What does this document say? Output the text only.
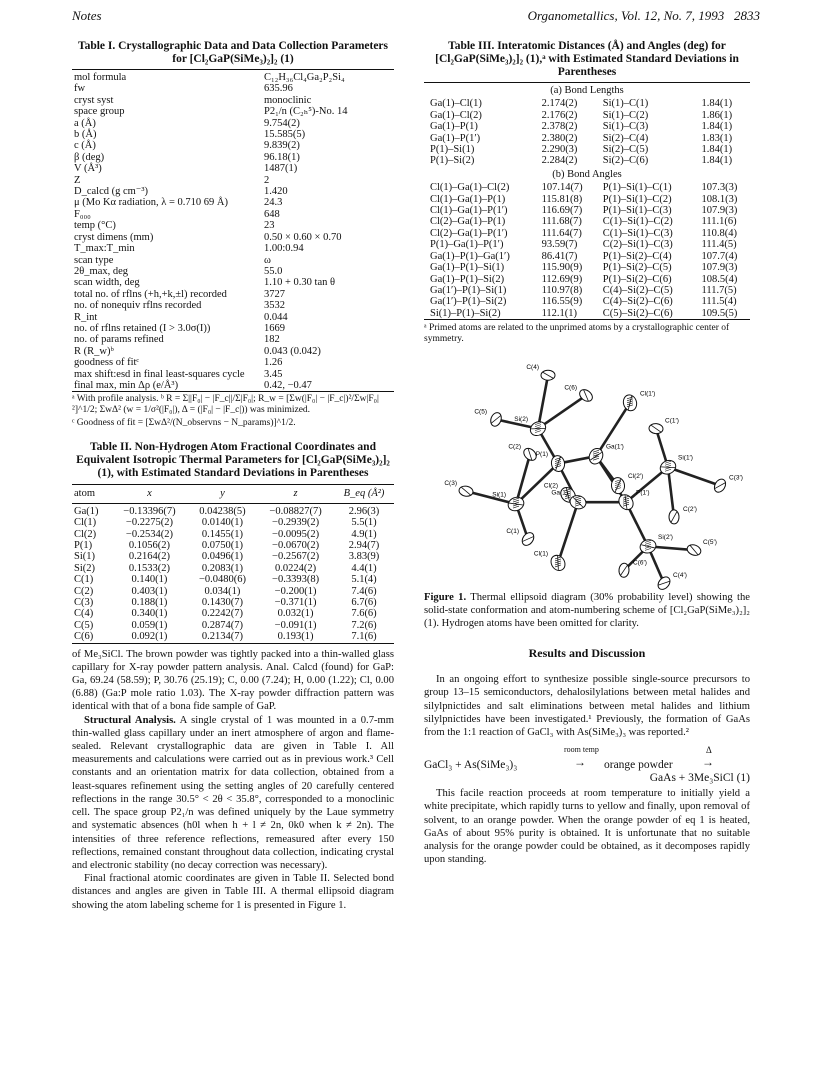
Notes	Organometallics, Vol. 12, No. 7, 1993 2833
Table I. Crystallographic Data and Data Collection Parameters for [Cl₂GaP(SiMe₃)₂]₂ (1)
mol formula	C₁₂H₃₆Cl₄Ga₂P₂Si₄
fw	635.96
cryst syst	monoclinic
space group	P2₁/n (C₂ₕ⁵)-No. 14
a (Å)	9.754(2)
b (Å)	15.585(5)
c (Å)	9.839(2)
β (deg)	96.18(1)
V (Å³)	1487(1)
Z	2
D_calcd (g cm⁻³)	1.420
μ (Mo Kα radiation, λ = 0.710 69 Å)	24.3
F₀₀₀	648
temp (°C)	23
cryst dimens (mm)	0.50 × 0.60 × 0.70
T_max:T_min	1.00:0.94
scan type	ω
2θ_max, deg	55.0
scan width, deg	1.10 + 0.30 tan θ
total no. of rflns (+h,+k,±l) recorded	3727
no. of nonequiv rflns recorded	3532
R_int	0.044
no. of rflns retained (I > 3.0σ(I))	1669
no. of params refined	182
R (R_w)ᵇ	0.043 (0.042)
goodness of fitᶜ	1.26
max shift:esd in final least-squares cycle	3.45
final max, min Δρ (e/Å³)	0.42, −0.47
ᵃ With profile analysis. ᵇ R = Σ||F₀| − |F_c||/Σ|F₀|; R_w = [Σw(|F₀| − |F_c|)²/Σw|F₀|²]^1/2; ΣwΔ² (w = 1/σ²(|F₀|), Δ = (|F₀| − |F_c|)) was minimized.
ᶜ Goodness of fit = [ΣwΔ²/(N_observns − N_params)]^1/2.
Table II. Non-Hydrogen Atom Fractional Coordinates and Equivalent Isotropic Thermal Parameters for [Cl₂GaP(SiMe₃)₂]₂ (1), with Estimated Standard Deviations in Parentheses
atom	x	y	z	B_eq (Å²)
Ga(1)	−0.13396(7)	0.04238(5)	−0.08827(7)	2.96(3)
Cl(1)	−0.2275(2)	0.0140(1)	−0.2939(2)	5.5(1)
Cl(2)	−0.2534(2)	0.1455(1)	−0.0095(2)	4.9(1)
P(1)	0.1056(2)	0.0750(1)	−0.0670(2)	2.94(7)
Si(1)	0.2164(2)	0.0496(1)	−0.2567(2)	3.83(9)
Si(2)	0.1533(2)	0.2083(1)	0.0224(2)	4.4(1)
C(1)	0.140(1)	−0.0480(6)	−0.3393(8)	5.1(4)
C(2)	0.403(1)	0.034(1)	−0.200(1)	7.4(6)
C(3)	0.188(1)	0.1430(7)	−0.371(1)	6.7(6)
C(4)	0.340(1)	0.2242(7)	0.032(1)	7.6(6)
C(5)	0.059(1)	0.2874(7)	−0.091(1)	7.2(6)
C(6)	0.092(1)	0.2134(7)	0.193(1)	7.1(6)
of Me₃SiCl. The brown powder was tightly packed into a thin-walled glass capillary for X-ray powder pattern analysis. Anal. Calcd (found) for GaP: Ga, 69.24 (58.59); P, 30.76 (25.19); C, 0.00 (7.24); H, 0.00 (1.22); Cl, 0.00 (6.88) (Ga:P mole ratio 1.03). The X-ray powder diffraction pattern was identical with that of a bona fide sample of GaP.
Structural Analysis. A single crystal of 1 was mounted in a 0.7-mm thin-walled glass capillary under an inert atmosphere of argon and flame-sealed. Relevant crystallographic data are given in Table I. All measurements and calculations were carried out as in previous work.³ Cell constants and an orientation matrix for data collection, obtained from a least-squares refinement using the setting angles of 20 carefully centered reflections in the range 30.5° < 2θ < 35.8°, corresponded to a monoclinic cell. The space group P2₁/n was defined uniquely by the Laue symmetry and systematic absences (h0l when h + l ≠ 2n, 0k0 when k ≠ 2n). The intensities of three reference reflections, remeasured after every 150 reflections, remained constant throughout data collection, indicating crystal and electronic stability (no decay correction was necessary).
Final fractional atomic coordinates are given in Table II. Selected bond distances and angles are given in Table III. A thermal ellipsoid diagram showing the atom labeling scheme for 1 is presented in Figure 1.
Table III. Interatomic Distances (Å) and Angles (deg) for [Cl₂GaP(SiMe₃)₂]₂ (1),ᵃ with Estimated Standard Deviations in Parentheses
(a) Bond Lengths			
Ga(1)–Cl(1)	2.174(2)	Si(1)–C(1)	1.84(1)
Ga(1)–Cl(2)	2.176(2)	Si(1)–C(2)	1.86(1)
Ga(1)–P(1)	2.378(2)	Si(1)–C(3)	1.84(1)
Ga(1)–P(1′)	2.380(2)	Si(2)–C(4)	1.83(1)
P(1)–Si(1)	2.290(3)	Si(2)–C(5)	1.84(1)
P(1)–Si(2)	2.284(2)	Si(2)–C(6)	1.84(1)
(b) Bond Angles			
Cl(1)–Ga(1)–Cl(2)	107.14(7)	P(1)–Si(1)–C(1)	107.3(3)
Cl(1)–Ga(1)–P(1)	115.81(8)	P(1)–Si(1)–C(2)	108.1(3)
Cl(1)–Ga(1)–P(1′)	116.69(7)	P(1)–Si(1)–C(3)	107.9(3)
Cl(2)–Ga(1)–P(1)	111.68(7)	C(1)–Si(1)–C(2)	111.1(6)
Cl(2)–Ga(1)–P(1′)	111.64(7)	C(1)–Si(1)–C(3)	110.8(4)
P(1)–Ga(1)–P(1′)	93.59(7)	C(2)–Si(1)–C(3)	111.4(5)
Ga(1)–P(1)–Ga(1′)	86.41(7)	P(1)–Si(2)–C(4)	107.7(4)
Ga(1)–P(1)–Si(1)	115.90(9)	P(1)–Si(2)–C(5)	107.9(3)
Ga(1)–P(1)–Si(2)	112.69(9)	P(1)–Si(2)–C(6)	108.5(4)
Ga(1′)–P(1)–Si(1)	110.97(8)	C(4)–Si(2)–C(5)	111.7(5)
Ga(1′)–P(1)–Si(2)	116.55(9)	C(4)–Si(2)–C(6)	111.5(4)
Si(1)–P(1)–Si(2)	112.1(1)	C(5)–Si(2)–C(6)	109.5(5)
ᵃ Primed atoms are related to the unprimed atoms by a crystallographic center of symmetry.
C(4)
C(6)
Cl(1′)
C(5)
Si(2)	C(1′)
C(2)
P(1)
Ga(1′)
Si(1′)
C(3)	Cl(2)
Cl(2′)	C(3′)
Si(1)	Ga(1)	P(1′)
C(2′)
C(1)
Si(2′)
C(5′)
Cl(1)
C(6′)
C(4′)
Figure 1. Thermal ellipsoid diagram (30% probability level) showing the solid-state conformation and atom-numbering scheme of [Cl₂GaP(SiMe₃)₂]₂ (1). Hydrogen atoms have been omitted for clarity.
Results and Discussion
In an ongoing effort to synthesize possible single-source precursors to group 13–15 semiconductors, dehalosilylations between metal halides and silylpnictides and salt eliminations between metal halides and lithium silylpnictides have been investigated.¹ Previously, the formation of GaAs from the 1:1 reaction of GaCl₃ with As(SiMe₃)₃ was reported.²
GaCl₃ + As(SiMe₃)₃
room temp
→ orange powder
Δ
→
GaAs + 3Me₃SiCl (1)
This facile reaction proceeds at room temperature to initially yield a white precipitate, which rapidly turns to yellow and finally, upon removal of solvent, to an orange powder. When the orange powder of eq 1 is heated, GaAs of about 95% purity is obtained. It is unfortunate that no suitable analysis for the orange powder could be obtained, as it decomposes rapidly upon standing.
